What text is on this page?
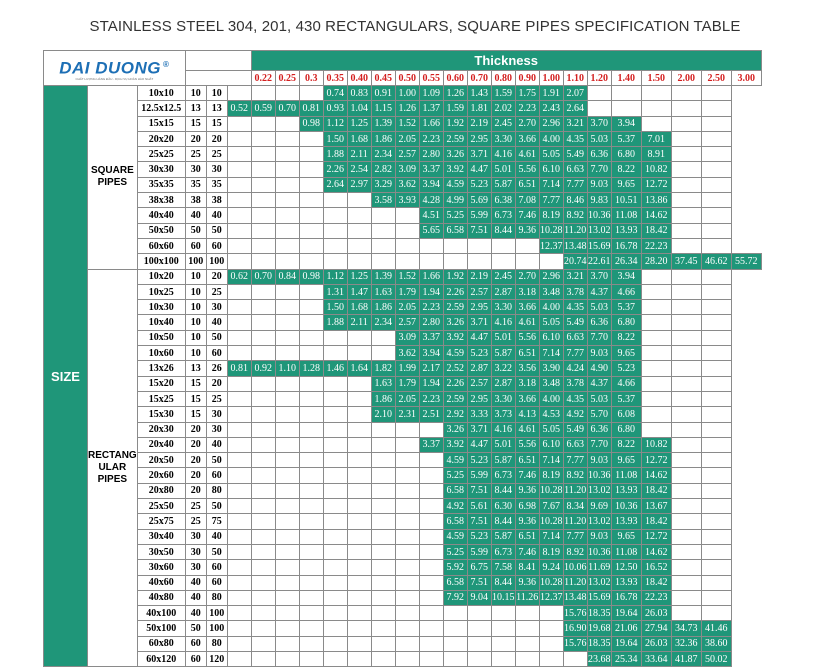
STAINLESS STEEL 304, 201, 430 RECTANGULARS, SQUARE PIPES SPECIFICATION TABLE
DAI DUONG ®
CHẤT LƯỢNG HÀNG ĐẦU - DỊCH VỤ HOÀN HẢO NHẤT						Thickness																			
						0.22	0.25	0.3	0.35	0.40	0.45	0.50	0.55	0.60	0.70	0.80	0.90	1.00	1.10	1.20	1.40	1.50	2.00	2.50	3.00
SIZE	SQUARE PIPES	10x10	10	10					0.74	0.83	0.91	1.00	1.09	1.26	1.43	1.59	1.75	1.91	2.07						
		12.5x12.5	13	13	0.52	0.59	0.70	0.81	0.93	1.04	1.15	1.26	1.37	1.59	1.81	2.02	2.23	2.43	2.64						
		15x15	15	15				0.98	1.12	1.25	1.39	1.52	1.66	1.92	2.19	2.45	2.70	2.96	3.21	3.70	3.94				
		20x20	20	20					1.50	1.68	1.86	2.05	2.23	2.59	2.95	3.30	3.66	4.00	4.35	5.03	5.37	7.01			
		25x25	25	25					1.88	2.11	2.34	2.57	2.80	3.26	3.71	4.16	4.61	5.05	5.49	6.36	6.80	8.91			
		30x30	30	30					2.26	2.54	2.82	3.09	3.37	3.92	4.47	5.01	5.56	6.10	6.63	7.70	8.22	10.82			
		35x35	35	35					2.64	2.97	3.29	3.62	3.94	4.59	5.23	5.87	6.51	7.14	7.77	9.03	9.65	12.72			
		38x38	38	38							3.58	3.93	4.28	4.99	5.69	6.38	7.08	7.77	8.46	9.83	10.51	13.86			
		40x40	40	40									4.51	5.25	5.99	6.73	7.46	8.19	8.92	10.36	11.08	14.62			
		50x50	50	50									5.65	6.58	7.51	8.44	9.36	10.28	11.20	13.02	13.93	18.42			
		60x60	60	60														12.37	13.48	15.69	16.78	22.23			
		100x100	100	100															20.74	22.61	26.34	28.20	37.45	46.62	55.72
	RECTANG ULAR PIPES	10x20	10	20	0.62	0.70	0.84	0.98	1.12	1.25	1.39	1.52	1.66	1.92	2.19	2.45	2.70	2.96	3.21	3.70	3.94				
		10x25	10	25					1.31	1.47	1.63	1.79	1.94	2.26	2.57	2.87	3.18	3.48	3.78	4.37	4.66				
		10x30	10	30					1.50	1.68	1.86	2.05	2.23	2.59	2.95	3.30	3.66	4.00	4.35	5.03	5.37				
		10x40	10	40					1.88	2.11	2.34	2.57	2.80	3.26	3.71	4.16	4.61	5.05	5.49	6.36	6.80				
		10x50	10	50								3.09	3.37	3.92	4.47	5.01	5.56	6.10	6.63	7.70	8.22				
		10x60	10	60								3.62	3.94	4.59	5.23	5.87	6.51	7.14	7.77	9.03	9.65				
		13x26	13	26	0.81	0.92	1.10	1.28	1.46	1.64	1.82	1.99	2.17	2.52	2.87	3.22	3.56	3.90	4.24	4.90	5.23				
		15x20	15	20							1.63	1.79	1.94	2.26	2.57	2.87	3.18	3.48	3.78	4.37	4.66				
		15x25	15	25							1.86	2.05	2.23	2.59	2.95	3.30	3.66	4.00	4.35	5.03	5.37				
		15x30	15	30							2.10	2.31	2.51	2.92	3.33	3.73	4.13	4.53	4.92	5.70	6.08				
		20x30	20	30										3.26	3.71	4.16	4.61	5.05	5.49	6.36	6.80				
		20x40	20	40									3.37	3.92	4.47	5.01	5.56	6.10	6.63	7.70	8.22	10.82			
		20x50	20	50										4.59	5.23	5.87	6.51	7.14	7.77	9.03	9.65	12.72			
		20x60	20	60										5.25	5.99	6.73	7.46	8.19	8.92	10.36	11.08	14.62			
		20x80	20	80										6.58	7.51	8.44	9.36	10.28	11.20	13.02	13.93	18.42			
		25x50	25	50										4.92	5.61	6.30	6.98	7.67	8.34	9.69	10.36	13.67			
		25x75	25	75										6.58	7.51	8.44	9.36	10.28	11.20	13.02	13.93	18.42			
		30x40	30	40										4.59	5.23	5.87	6.51	7.14	7.77	9.03	9.65	12.72			
		30x50	30	50										5.25	5.99	6.73	7.46	8.19	8.92	10.36	11.08	14.62			
		30x60	30	60										5.92	6.75	7.58	8.41	9.24	10.06	11.69	12.50	16.52			
		40x60	40	60										6.58	7.51	8.44	9.36	10.28	11.20	13.02	13.93	18.42			
		40x80	40	80										7.92	9.04	10.15	11.26	12.37	13.48	15.69	16.78	22.23			
		40x100	40	100															15.76	18.35	19.64	26.03			
		50x100	50	100															16.90	19.68	21.06	27.94	34.73	41.46	
		60x80	60	80															15.76	18.35	19.64	26.03	32.36	38.60	
		60x120	60	120																23.68	25.34	33.64	41.87	50.02	
